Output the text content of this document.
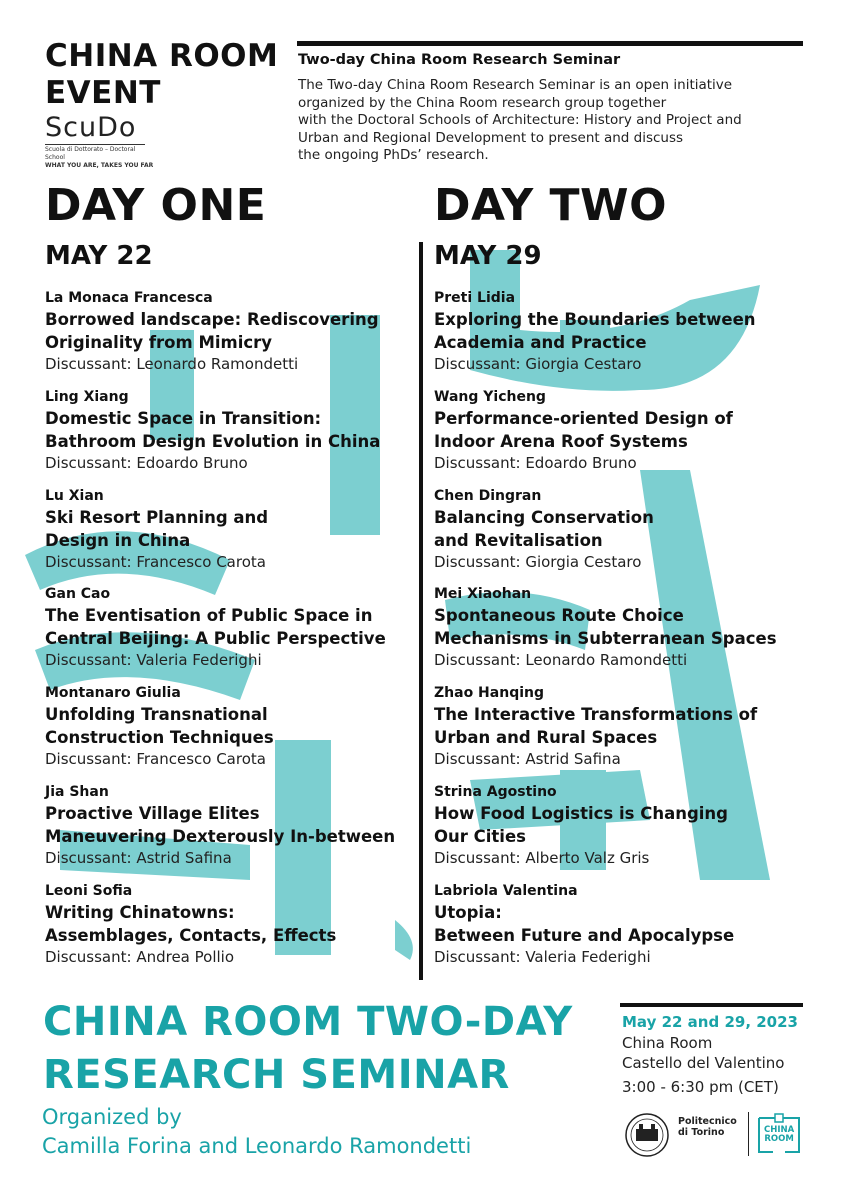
CHINA ROOM
EVENT
ScuDo
Scuola di Dottorato – Doctoral School
WHAT YOU ARE, TAKES YOU FAR
Two-day China Room Research Seminar
The Two-day China Room Research Seminar is an open initiative
organized by the China Room research group together
with the Doctoral Schools of Architecture: History and Project and
Urban and Regional Development to present and discuss
the ongoing PhDs’ research.
DAY ONE
MAY 22
DAY TWO
MAY 29
La Monaca Francesca
Borrowed landscape: Rediscovering
Originality from Mimicry
Discussant: Leonardo Ramondetti
Ling Xiang
Domestic Space in Transition:
Bathroom Design Evolution in China
Discussant: Edoardo Bruno
Lu Xian
Ski Resort Planning and
Design in China
Discussant: Francesco Carota
Gan Cao
The Eventisation of Public Space in
Central Beijing: A Public Perspective
Discussant: Valeria Federighi
Montanaro Giulia
Unfolding Transnational
Construction Techniques
Discussant: Francesco Carota
Jia Shan
Proactive Village Elites
Maneuvering Dexterously In-between
Discussant: Astrid Safina
Leoni Sofia
Writing Chinatowns:
Assemblages, Contacts, Effects
Discussant: Andrea Pollio
Preti Lidia
Exploring the Boundaries between
Academia and Practice
Discussant: Giorgia Cestaro
Wang Yicheng
Performance-oriented Design of
Indoor Arena Roof Systems
Discussant: Edoardo Bruno
Chen Dingran
Balancing Conservation
and Revitalisation
Discussant: Giorgia Cestaro
Mei Xiaohan
Spontaneous Route Choice
Mechanisms in Subterranean Spaces
Discussant: Leonardo Ramondetti
Zhao Hanqing
The Interactive Transformations of
Urban and Rural Spaces
Discussant: Astrid Safina
Strina Agostino
How Food Logistics is Changing
Our Cities
Discussant: Alberto Valz Gris
Labriola Valentina
Utopia:
Between Future and Apocalypse
Discussant: Valeria Federighi
CHINA ROOM TWO-DAY
RESEARCH SEMINAR
Organized by
Camilla Forina and Leonardo Ramondetti
May 22 and 29, 2023
China Room
Castello del Valentino
3:00 - 6:30 pm (CET)
Politecnico
di Torino	CHINA
ROOM
